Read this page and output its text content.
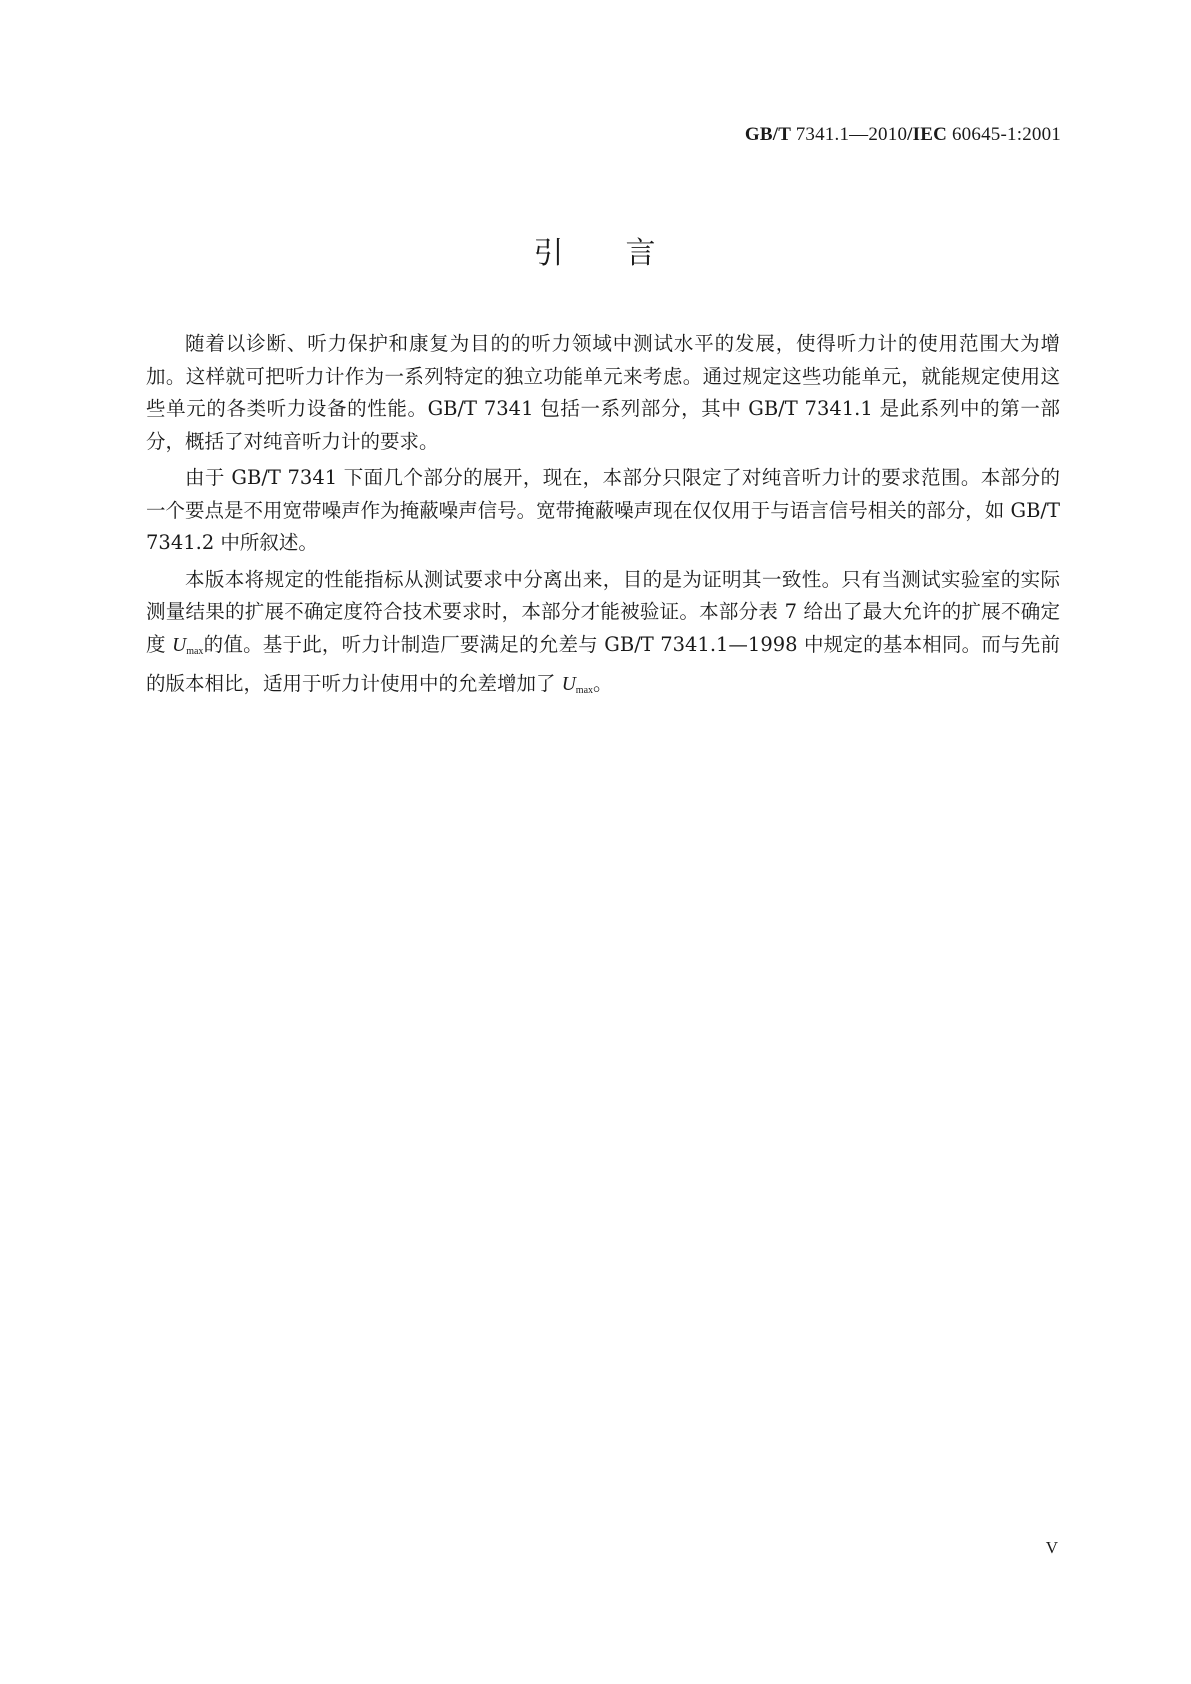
GB/T 7341.1—2010/IEC 60645-1:2001
引 言

随着以诊断、听力保护和康复为目的的听力领域中测试水平的发展，使得听力计的使用范围大为增加。这样就可把听力计作为一系列特定的独立功能单元来考虑。通过规定这些功能单元，就能规定使用这些单元的各类听力设备的性能。GB/T 7341 包括一系列部分，其中 GB/T 7341.1 是此系列中的第一部分，概括了对纯音听力计的要求。

由于 GB/T 7341 下面几个部分的展开，现在，本部分只限定了对纯音听力计的要求范围。本部分的一个要点是不用宽带噪声作为掩蔽噪声信号。宽带掩蔽噪声现在仅仅用于与语言信号相关的部分，如 GB/T 7341.2 中所叙述。

本版本将规定的性能指标从测试要求中分离出来，目的是为证明其一致性。只有当测试实验室的实际测量结果的扩展不确定度符合技术要求时，本部分才能被验证。本部分表 7 给出了最大允许的扩展不确定度 $U_{max}$的值。基于此，听力计制造厂要满足的允差与 GB/T 7341.1—1998 中规定的基本相同。而与先前的版本相比，适用于听力计使用中的允差增加了 $U_{max}$。

V
